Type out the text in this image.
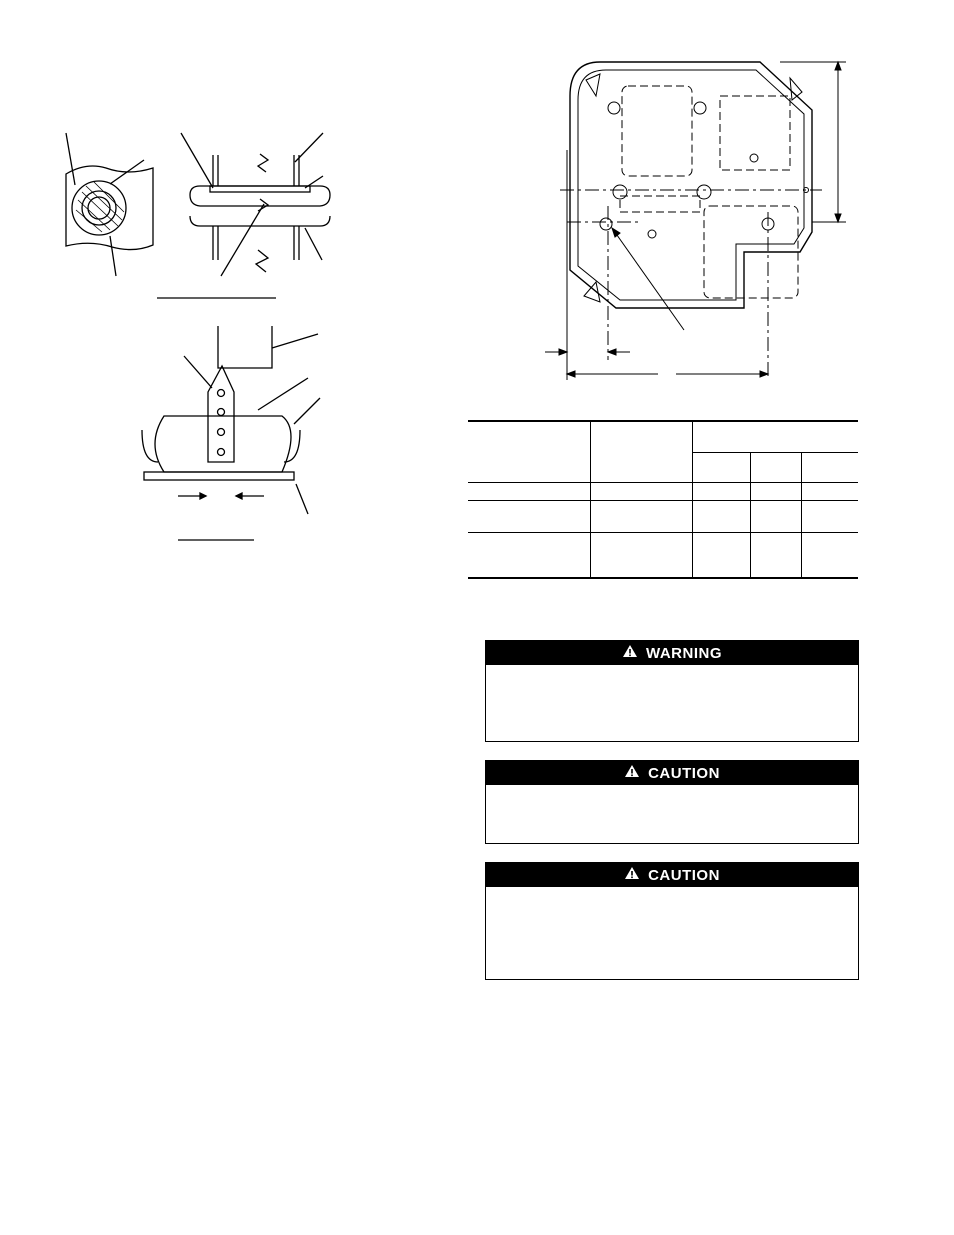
WARNING
CAUTION
CAUTION
